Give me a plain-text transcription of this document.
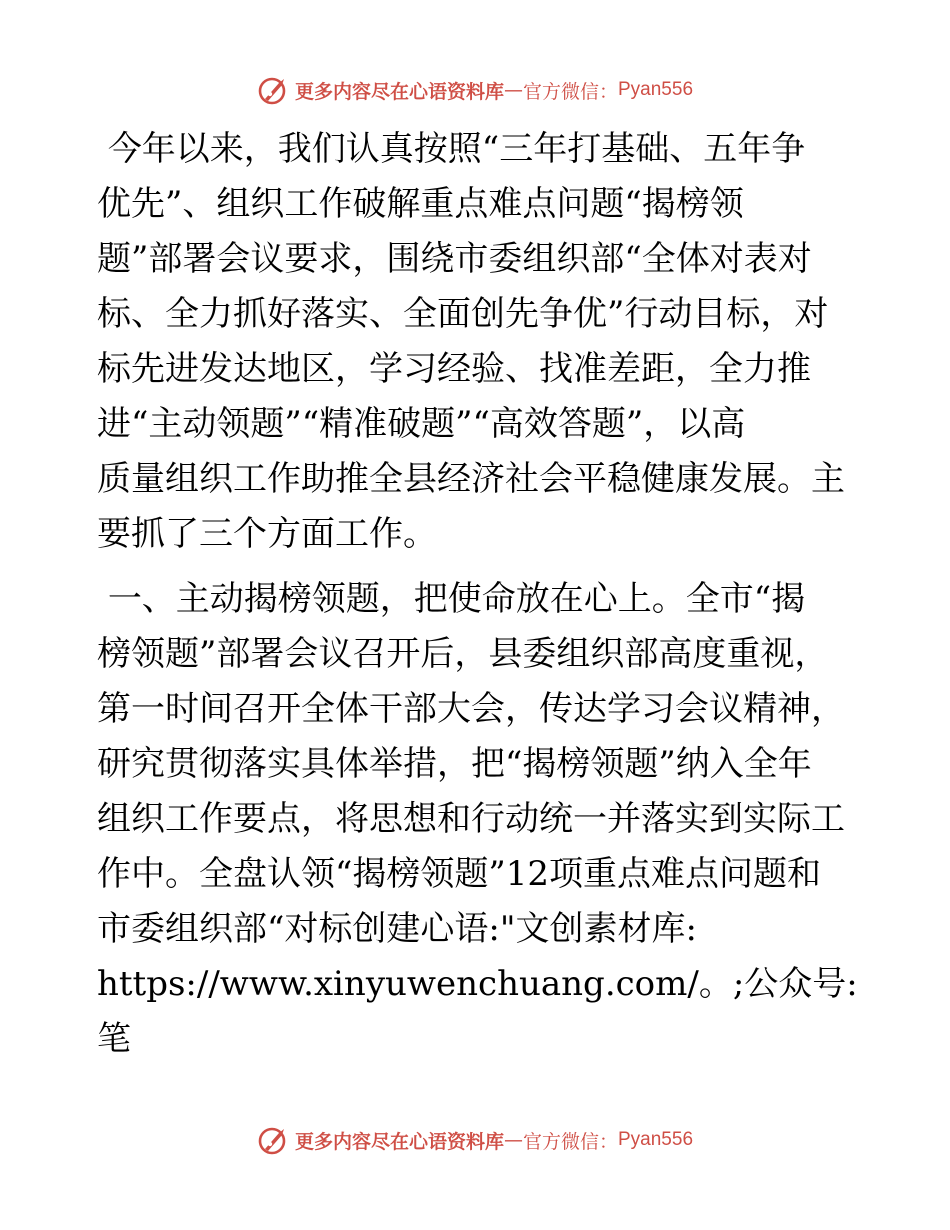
更多内容尽在心语资料库 — 官方微信： Pyan556

今年以来，我们认真按照“三年打基础、五年争
优先”、组织工作破解重点难点问题“揭榜领
题”部署会议要求，围绕市委组织部“全体对表对
标、全力抓好落实、全面创先争优”行动目标，对
标先进发达地区，学习经验、找准差距，全力推
进“主动领题”“精准破题”“高效答题”，以高
质量组织工作助推全县经济社会平稳健康发展。主
要抓了三个方面工作。

一、主动揭榜领题，把使命放在心上。全市“揭
榜领题”部署会议召开后，县委组织部高度重视，
第一时间召开全体干部大会，传达学习会议精神，
研究贯彻落实具体举措，把“揭榜领题”纳入全年
组织工作要点，将思想和行动统一并落实到实际工
作中。全盘认领“揭榜领题”12项重点难点问题和
市委组织部“对标创建心语:"文创素材库:
https://www.xinyuwenchuang.com/。;公众号: 笔

更多内容尽在心语资料库 — 官方微信： Pyan556
